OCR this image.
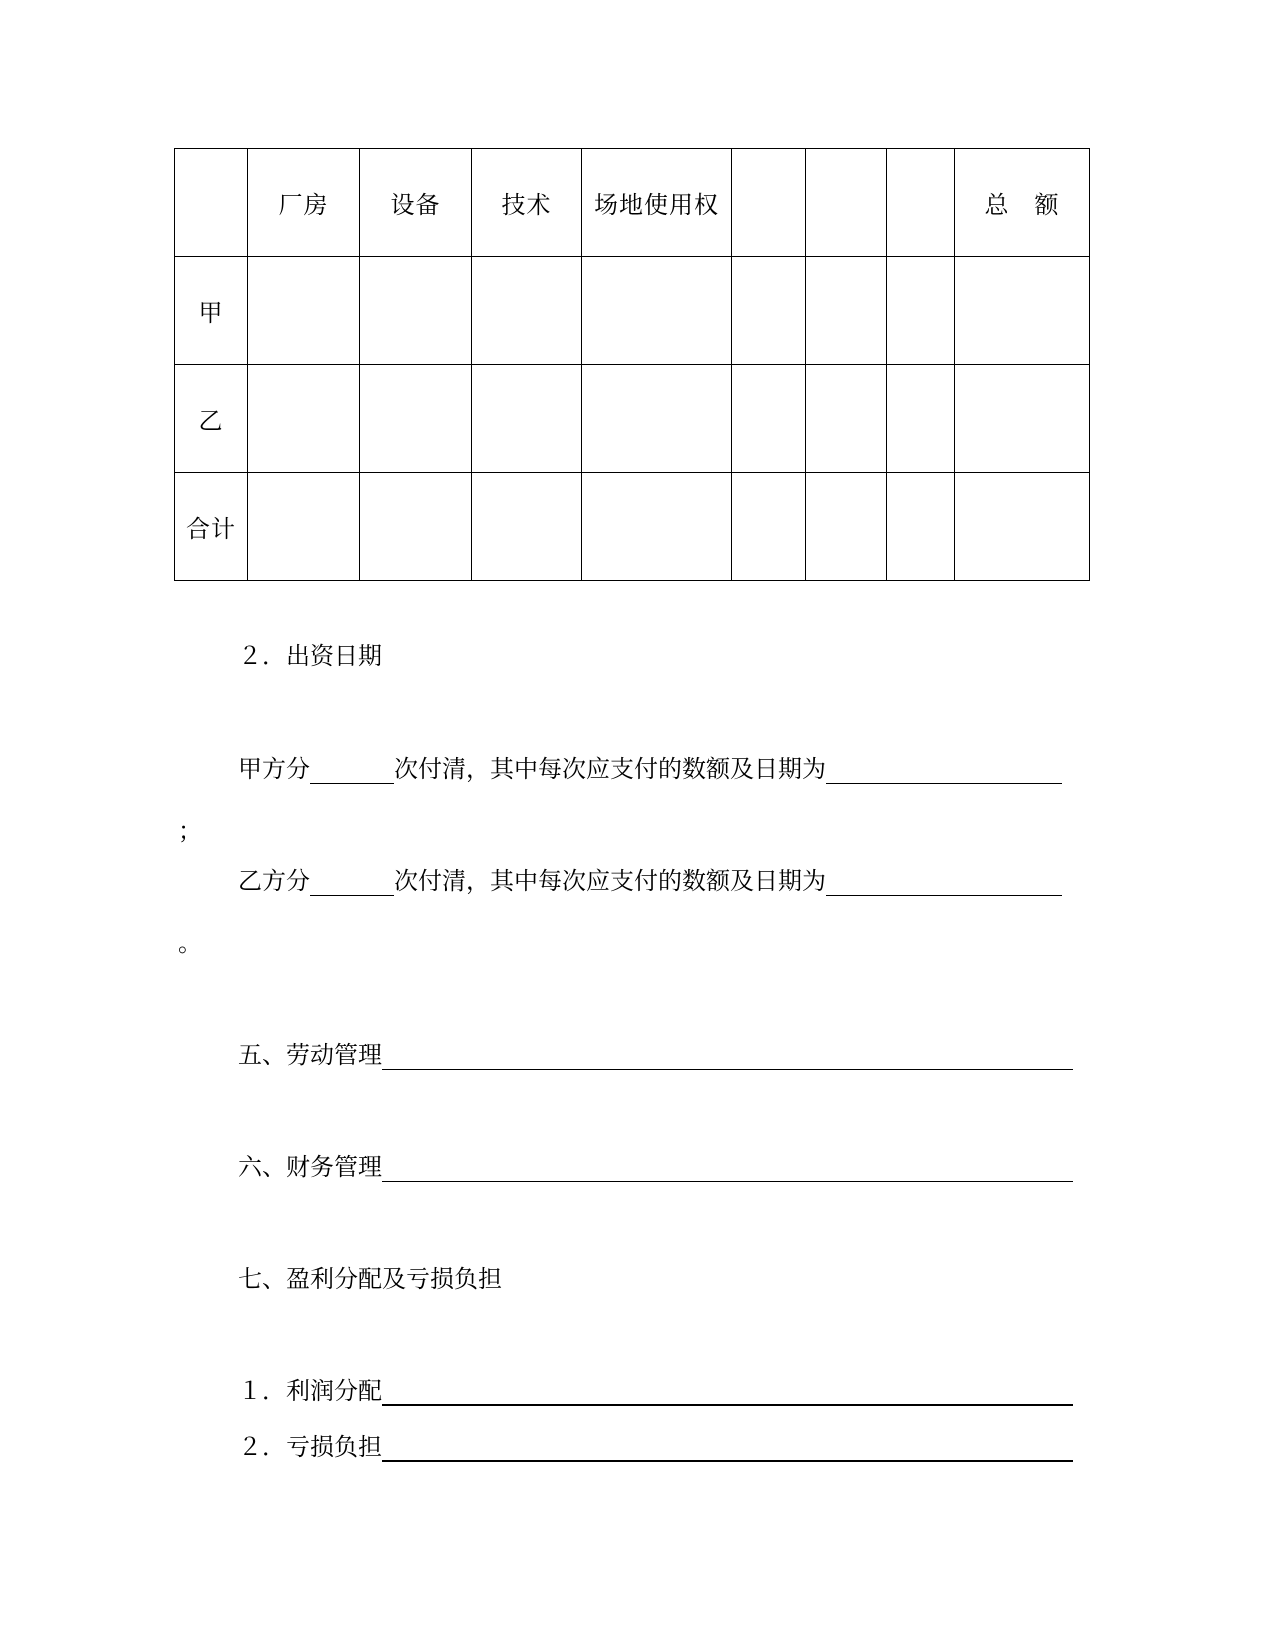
	厂房	设备	技术	场地使用权				总　额
甲								
乙								
合计								
２．出资日期
甲方分	次付清，其中每次应支付的数额及日期为
；
乙方分	次付清，其中每次应支付的数额及日期为
。
五、劳动管理
六、财务管理
七、盈利分配及亏损负担
１．利润分配
２．亏损负担
